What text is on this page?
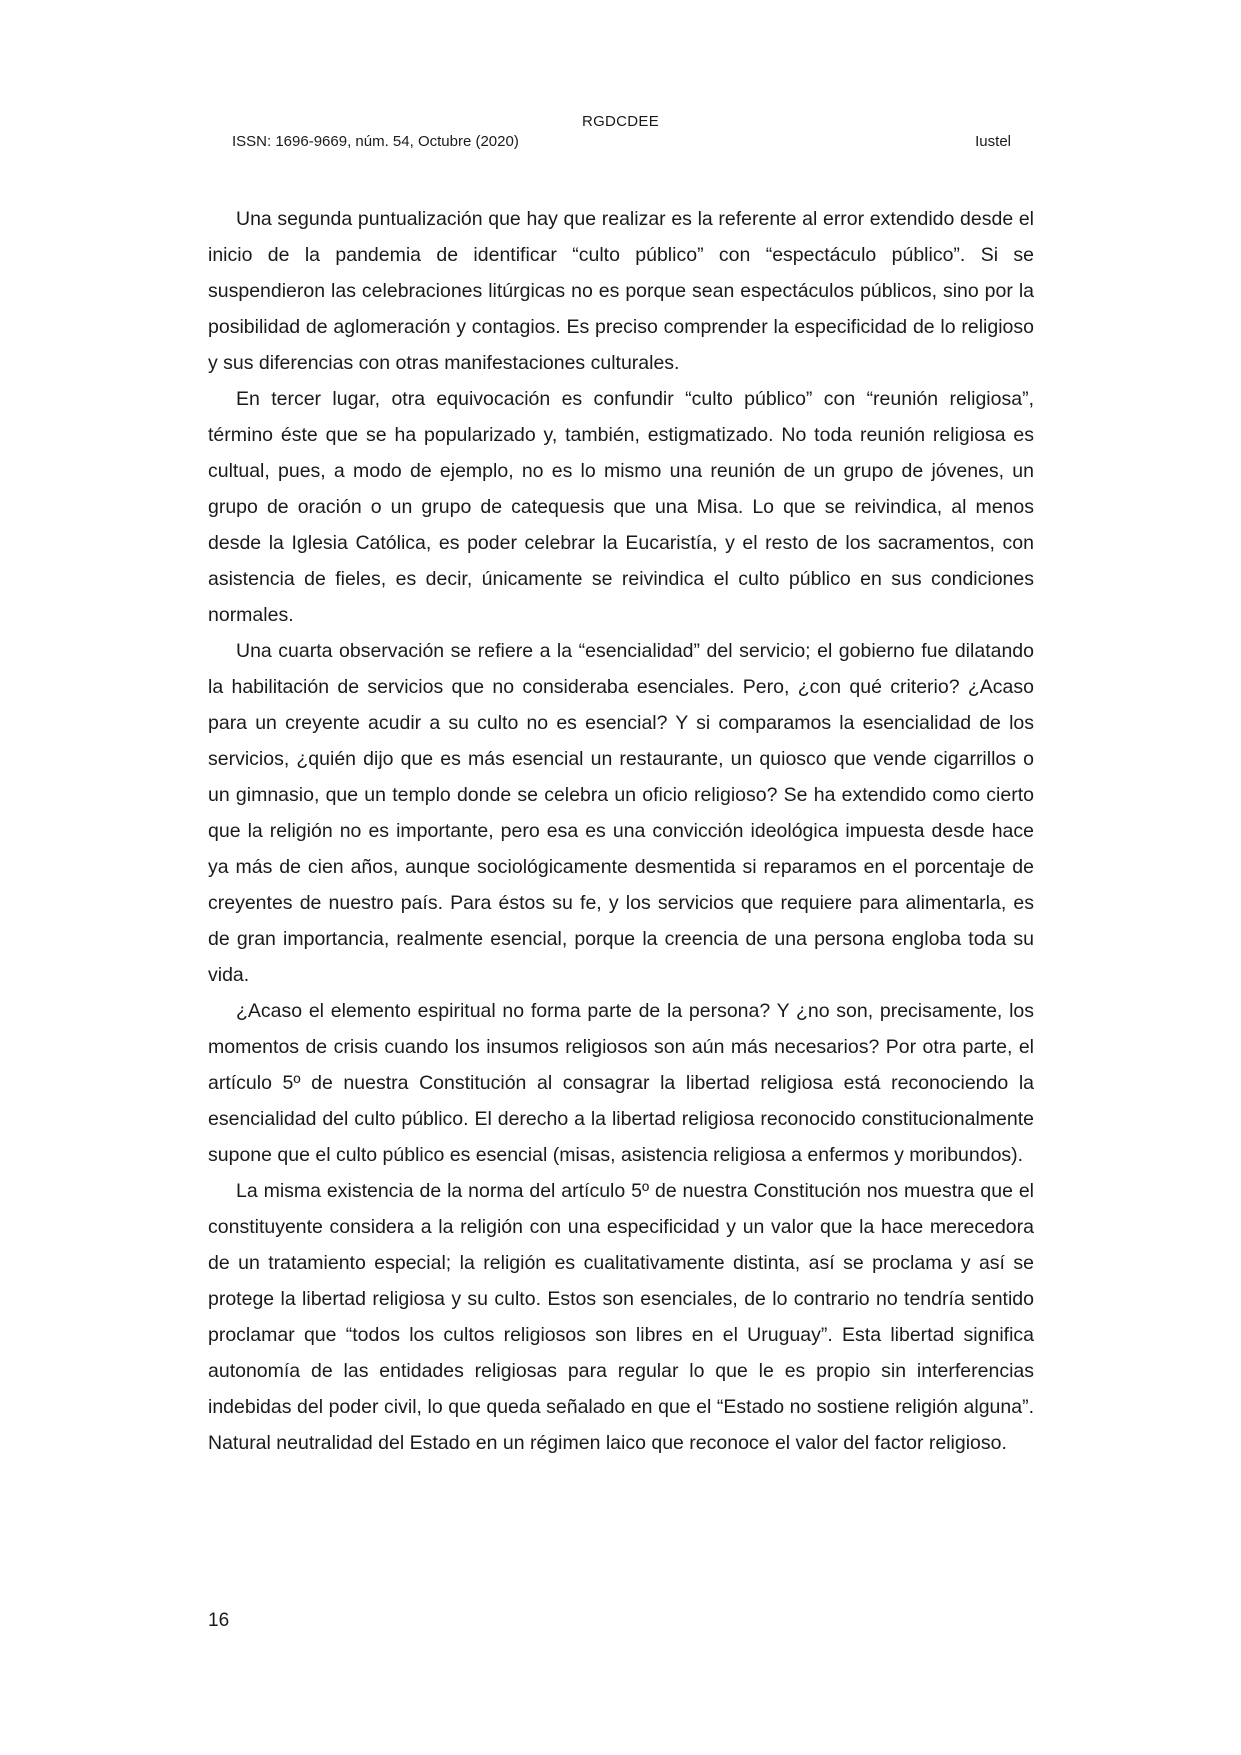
RGDCDEE
ISSN: 1696-9669, núm. 54, Octubre (2020)	Iustel

Una segunda puntualización que hay que realizar es la referente al error extendido desde el inicio de la pandemia de identificar “culto público” con “espectáculo público”. Si se suspendieron las celebraciones litúrgicas no es porque sean espectáculos públicos, sino por la posibilidad de aglomeración y contagios. Es preciso comprender la especificidad de lo religioso y sus diferencias con otras manifestaciones culturales.

En tercer lugar, otra equivocación es confundir “culto público” con “reunión religiosa”, término éste que se ha popularizado y, también, estigmatizado. No toda reunión religiosa es cultual, pues, a modo de ejemplo, no es lo mismo una reunión de un grupo de jóvenes, un grupo de oración o un grupo de catequesis que una Misa. Lo que se reivindica, al menos desde la Iglesia Católica, es poder celebrar la Eucaristía, y el resto de los sacramentos, con asistencia de fieles, es decir, únicamente se reivindica el culto público en sus condiciones normales.

Una cuarta observación se refiere a la “esencialidad” del servicio; el gobierno fue dilatando la habilitación de servicios que no consideraba esenciales. Pero, ¿con qué criterio? ¿Acaso para un creyente acudir a su culto no es esencial? Y si comparamos la esencialidad de los servicios, ¿quién dijo que es más esencial un restaurante, un quiosco que vende cigarrillos o un gimnasio, que un templo donde se celebra un oficio religioso? Se ha extendido como cierto que la religión no es importante, pero esa es una convicción ideológica impuesta desde hace ya más de cien años, aunque sociológicamente desmentida si reparamos en el porcentaje de creyentes de nuestro país. Para éstos su fe, y los servicios que requiere para alimentarla, es de gran importancia, realmente esencial, porque la creencia de una persona engloba toda su vida.

¿Acaso el elemento espiritual no forma parte de la persona? Y ¿no son, precisamente, los momentos de crisis cuando los insumos religiosos son aún más necesarios? Por otra parte, el artículo 5º de nuestra Constitución al consagrar la libertad religiosa está reconociendo la esencialidad del culto público. El derecho a la libertad religiosa reconocido constitucionalmente supone que el culto público es esencial (misas, asistencia religiosa a enfermos y moribundos).

La misma existencia de la norma del artículo 5º de nuestra Constitución nos muestra que el constituyente considera a la religión con una especificidad y un valor que la hace merecedora de un tratamiento especial; la religión es cualitativamente distinta, así se proclama y así se protege la libertad religiosa y su culto. Estos son esenciales, de lo contrario no tendría sentido proclamar que “todos los cultos religiosos son libres en el Uruguay”. Esta libertad significa autonomía de las entidades religiosas para regular lo que le es propio sin interferencias indebidas del poder civil, lo que queda señalado en que el “Estado no sostiene religión alguna”. Natural neutralidad del Estado en un régimen laico que reconoce el valor del factor religioso.

16
